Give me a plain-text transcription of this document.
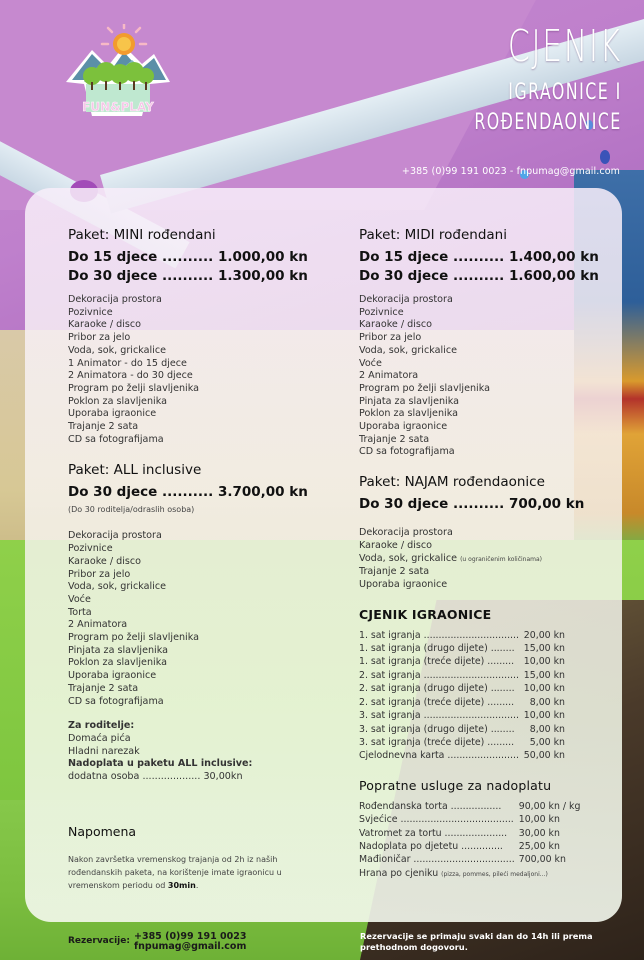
FUN&PLAY
CJENIK
IGRAONICE I
ROĐENDAONICE
+385 (0)99 191 0023 - fnpumag@gmail.com
Paket: MINI rođendani
Do 15 djece .......... 1.000,00 kn
Do 30 djece .......... 1.300,00 kn
Dekoracija prostora
Pozivnice
Karaoke / disco
Pribor za jelo
Voda, sok, grickalice
1 Animator - do 15 djece
2 Animatora - do 30 djece
Program po želji slavljenika
Poklon za slavljenika
Uporaba igraonice
Trajanje 2 sata
CD sa fotografijama
Paket: ALL inclusive
Do 30 djece .......... 3.700,00 kn
(Do 30 roditelja/odraslih osoba)
Dekoracija prostora
Pozivnice
Karaoke / disco
Pribor za jelo
Voda, sok, grickalice
Voće
Torta
2 Animatora
Program po želji slavljenika
Pinjata za slavljenika
Poklon za slavljenika
Uporaba igraonice
Trajanje 2 sata
CD sa fotografijama
Za roditelje:
Domaća pića
Hladni narezak
Nadoplata u paketu ALL inclusive:
dodatna osoba ................... 30,00kn
Paket: MIDI rođendani
Do 15 djece .......... 1.400,00 kn
Do 30 djece .......... 1.600,00 kn
Dekoracija prostora
Pozivnice
Karaoke / disco
Pribor za jelo
Voda, sok, grickalice
Voće
2 Animatora
Program po želji slavljenika
Pinjata za slavljenika
Poklon za slavljenika
Uporaba igraonice
Trajanje 2 sata
CD sa fotografijama
Paket: NAJAM rođendaonice
Do 30 djece .......... 700,00 kn
Dekoracija prostora
Karaoke / disco
Voda, sok, grickalice (u ograničenim količinama)
Trajanje 2 sata
Uporaba igraonice
CJENIK IGRAONICE
1. sat igranja ................................	20,00 kn
1. sat igranja (drugo dijete) ........	15,00 kn
1. sat igranja (treće dijete) .........	10,00 kn
2. sat igranja ................................	15,00 kn
2. sat igranja (drugo dijete) ........	10,00 kn
2. sat igranja (treće dijete) .........	8,00 kn
3. sat igranja ................................	10,00 kn
3. sat igranja (drugo dijete) ........	8,00 kn
3. sat igranja (treće dijete) .........	5,00 kn
Cjelodnevna karta ........................	50,00 kn
Popratne usluge za nadoplatu
Rođendanska torta .................	90,00 kn / kg
Svjećice ......................................	10,00 kn
Vatromet za tortu .....................	30,00 kn
Nadoplata po djetetu ..............	25,00 kn
Mađioničar ..................................	700,00 kn
Hrana po cjeniku (pizza, pommes, pileći medaljoni...)
Napomena
Nakon završetka vremenskog trajanja od 2h iz naših rođendanskih paketa, na korištenje imate igraonicu u vremenskom periodu od 30min.
Rezervacije: +385 (0)99 191 0023
fnpumag@gmail.com
Rezervacije se primaju svaki dan do 14h ili prema prethodnom dogovoru.
